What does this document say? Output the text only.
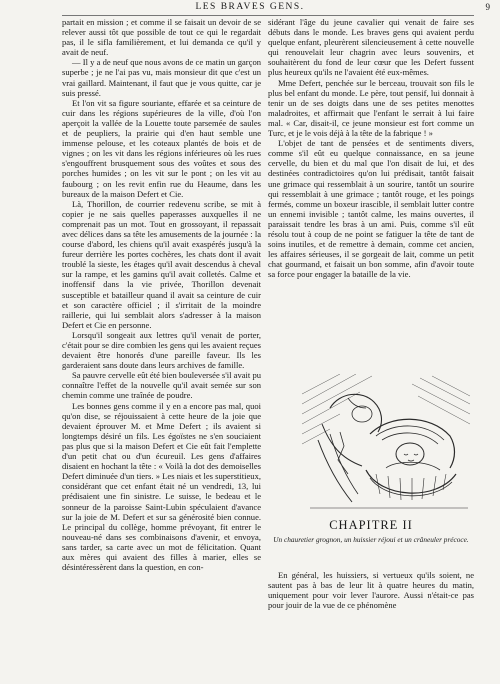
LES BRAVES GENS.	9

partait en mission ; et comme il se faisait un devoir de se relever aussi tôt que possible de tout ce qui le regardait pas, il le sifla familièrement, et lui demanda ce qu'il y avait de neuf.

— Il y a de neuf que nous avons de ce matin un garçon superbe ; je ne l'ai pas vu, mais monsieur dit que c'est un vrai gaillard. Maintenant, il faut que je vous quitte, car je suis pressé.

Et l'on vit sa figure souriante, effarée et sa ceinture de cuir dans les régions supérieures de la ville, d'où l'on aperçoit la vallée de la Louette toute parsemée de saules et de peupliers, la prairie qui d'en haut semble une immense pelouse, et les coteaux plantés de bois et de vignes ; on les vit dans les régions inférieures où les rues s'engouffrent brusquement sous des voûtes et sous des porches humides ; on les vit sur le pont ; on les vit au faubourg ; on les revit enfin rue du Heaume, dans les bureaux de la maison Defert et Cie.

Là, Thorillon, de courrier redevenu scribe, se mit à copier je ne sais quelles paperasses auxquelles il ne comprenait pas un mot. Tout en grossoyant, il repassait avec délices dans sa tête les amusements de la journée : la course d'abord, les chiens qu'il avait exaspérés jusqu'à la fureur derrière les portes cochères, les chats dont il avait troublé la sieste, les étages qu'il avait descendus à cheval sur la rampe, et les gamins qu'il avait colletés. Calme et inoffensif dans la vie privée, Thorillon devenait susceptible et batailleur quand il avait sa ceinture de cuir et son caractère officiel ; il s'irritait de la moindre raillerie, qui lui semblait alors s'adresser à la maison Defert et Cie en personne.

Lorsqu'il songeait aux lettres qu'il venait de porter, c'était pour se dire combien les gens qui les avaient reçues devaient être honorés d'une pareille faveur. Ils les garderaient sans doute dans leurs archives de famille.

Sa pauvre cervelle eût été bien bouleversée s'il avait pu connaître l'effet de la nouvelle qu'il avait semée sur son chemin comme une traînée de poudre.

Les bonnes gens comme il y en a encore pas mal, quoi qu'on dise, se réjouissaient à cette heure de la joie que devaient éprouver M. et Mme Defert ; ils avaient si longtemps désiré un fils. Les égoïstes ne s'en souciaient pas plus que si la maison Defert et Cie eût fait l'emplette d'un petit chat ou d'un écureuil. Les gens d'affaires disaient en hochant la tête : « Voilà la dot des demoiselles Defert diminuée d'un tiers. » Les niais et les superstitieux, considérant que cet enfant était né un vendredi, 13, lui prédisaient une fin sinistre. Le suisse, le bedeau et le sonneur de la paroisse Saint-Lubin spéculaient d'avance sur la joie de M. Defert et sur sa générosité bien connue. Le principal du collège, homme prévoyant, fit entrer le nouveau-né dans ses combinaisons d'avenir, et envoya, sans tarder, sa carte avec un mot de félicitation. Quant aux mères qui avaient des filles à marier, elles se désintéressèrent dans la question, en con-

sidérant l'âge du jeune cavalier qui venait de faire ses débuts dans le monde. Les braves gens qui avaient perdu quelque enfant, pleurèrent silencieusement à cette nouvelle qui renouvelait leur chagrin avec leurs souvenirs, et souhaitèrent du fond de leur cœur que les Defert fussent plus heureux qu'ils ne l'avaient été eux-mêmes.

Mme Defert, penchée sur le berceau, trouvait son fils le plus bel enfant du monde. Le père, tout pensif, lui donnait à tenir un de ses doigts dans une de ses petites menottes maladroites, et affirmait que l'enfant le serrait à lui faire mal. « Car, disait-il, ce jeune monsieur est fort comme un Turc, et je le vois déjà à la tête de la fabrique ! »

L'objet de tant de pensées et de sentiments divers, comme s'il eût eu quelque connaissance, en sa jeune cervelle, du bien et du mal que l'on disait de lui, et des destinées contradictoires qu'on lui prédisait, tantôt faisait une grimace qui ressemblait à un sourire, tantôt un sourire qui ressemblait à une grimace ; tantôt rouge, et les poings fermés, comme un boxeur irascible, il semblait lutter contre un ennemi invisible ; tantôt calme, les mains ouvertes, il paraissait tendre les bras à un ami. Puis, comme s'il eût résolu tout à coup de ne point se fatiguer la tête de tant de soins inutiles, et de remettre à demain, comme cet ancien, les affaires sérieuses, il se gorgeait de lait, comme un petit chat gourmand, et faisait un bon somme, afin d'avoir toute sa force pour engager la bataille de la vie.

CHAPITRE II
Un chauretier grognon, un huissier réjoui et un crâneuler précoce.

En général, les huissiers, si vertueux qu'ils soient, ne sautent pas à bas de leur lit à quatre heures du matin, uniquement pour voir lever l'aurore. Aussi n'était-ce pas pour jouir de la vue de ce phénomène
